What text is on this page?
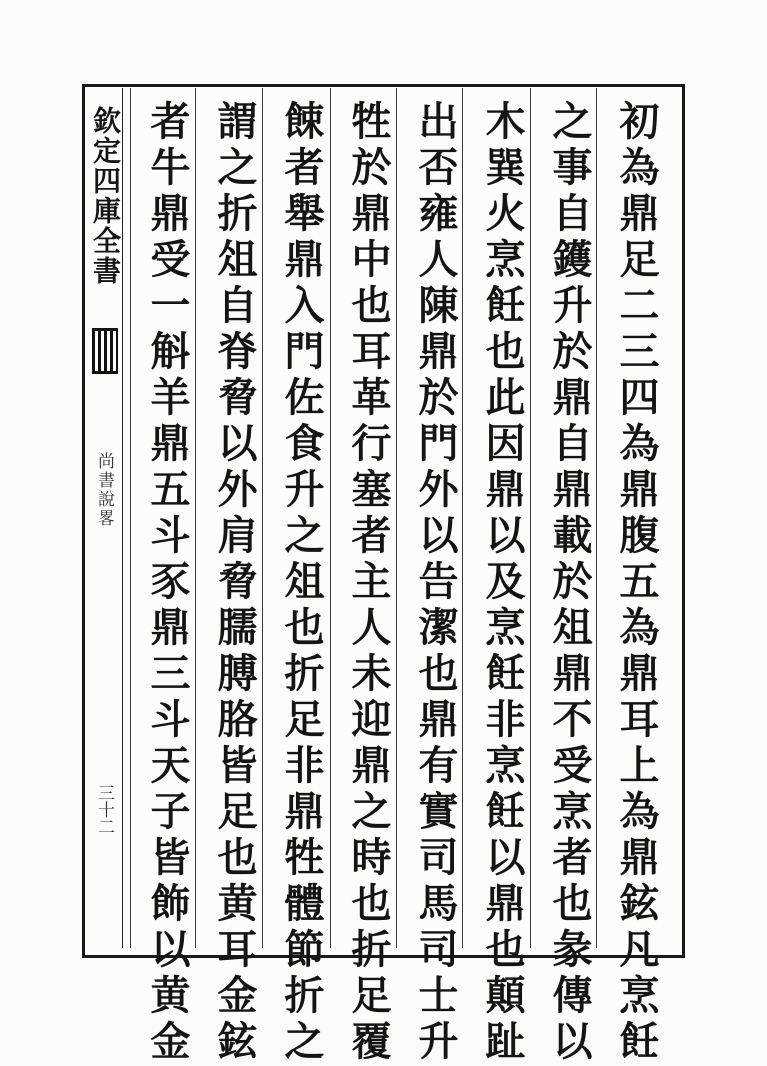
欽定四庫全書
尚書說畧
三十二	初為鼎足二三四為鼎腹五為鼎耳上為鼎鉉凡烹飪
之事自鑊升於鼎自鼎載於俎鼎不受烹者也彖傳以
木巽火烹飪也此因鼎以及烹飪非烹飪以鼎也顛趾
出否雍人陳鼎於門外以告潔也鼎有實司馬司士升
牲於鼎中也耳革行塞者主人未迎鼎之時也折足覆
餗者舉鼎入門佐食升之俎也折足非鼎牲體節折之
謂之折俎自脊脅以外肩脅臑膊胳皆足也黄耳金鉉
者牛鼎受一斛羊鼎五斗豕鼎三斗天子皆飾以黄金
